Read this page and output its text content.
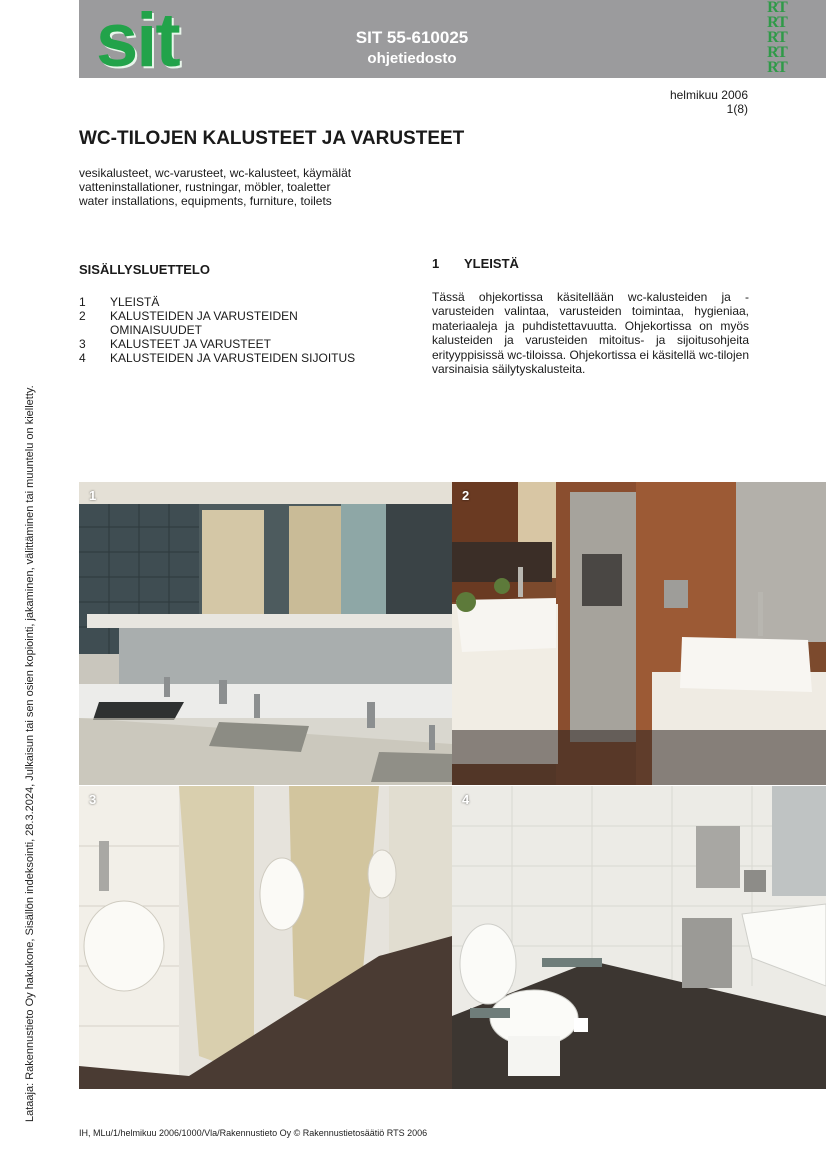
sit	SIT 55-610025
ohjetiedosto
RT
RT
RT
RT
RT
helmikuu 2006
1(8)
WC-TILOJEN KALUSTEET JA VARUSTEET
vesikalusteet, wc-varusteet, wc-kalusteet, käymälät
vatteninstallationer, rustningar, möbler, toaletter
water installations, equipments, furniture, toilets
SISÄLLYSLUETTELO
1	YLEISTÄ
2	KALUSTEIDEN JA VARUSTEIDEN OMINAISUUDET
3	KALUSTEET JA VARUSTEET
4	KALUSTEIDEN JA VARUSTEIDEN SIJOITUS
1	YLEISTÄ
Tässä ohjekortissa käsitellään wc-kalusteiden ja -varusteiden valintaa, varusteiden toimintaa, hygieniaa, materiaaleja ja puhdistettavuutta. Ohjekortissa on myös kalusteiden ja varusteiden mitoitus- ja sijoitusohjeita erityyppisissä wc-tiloissa. Ohjekortissa ei käsitellä wc-tilojen varsinaisia säilytyskalusteita.
1	2
3	4
Lataaja: Rakennustieto Oy hakukone, Sisällön indeksointi, 28.3.2024, Julkaisun tai sen osien kopiointi, jakaminen, välittäminen tai muuntelu on kielletty.
IH, MLu/1/helmikuu 2006/1000/Vla/Rakennustieto Oy © Rakennustietosäätiö RTS 2006
